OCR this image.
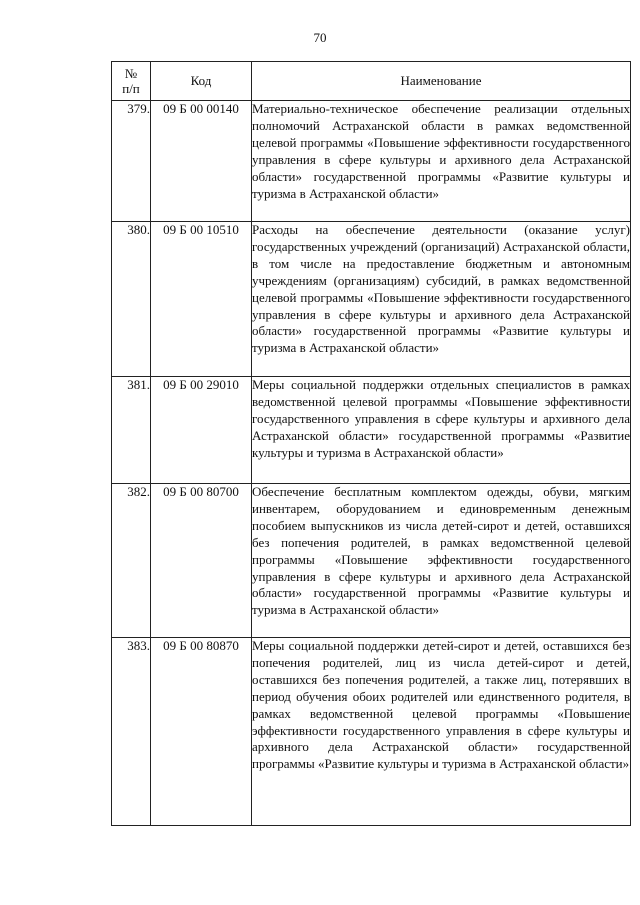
70
№
п/п	Код	Наименование
379.	09 Б 00 00140	Материально-техническое обеспечение реализации отдельных полномочий Астраханской области в рамках ведомственной целевой программы «Повышение эффективности государственного управления в сфере культуры и архивного дела Астраханской области» государственной программы «Развитие культуры и туризма в Астраханской области»
380.	09 Б 00 10510	Расходы на обеспечение деятельности (оказание услуг) государственных учреждений (организаций) Астраханской области, в том числе на предоставление бюджетным и автономным учреждениям (организациям) субсидий, в рамках ведомственной целевой программы «Повышение эффективности государственного управления в сфере культуры и архивного дела Астраханской области» государственной программы «Развитие культуры и туризма в Астраханской области»
381.	09 Б 00 29010	Меры социальной поддержки отдельных специалистов в рамках ведомственной целевой программы «Повышение эффективности государственного управления в сфере культуры и архивного дела Астраханской области» государственной программы «Развитие культуры и туризма в Астраханской области»
382.	09 Б 00 80700	Обеспечение бесплатным комплектом одежды, обуви, мягким инвентарем, оборудованием и единовременным денежным пособием выпускников из числа детей-сирот и детей, оставшихся без попечения родителей, в рамках ведомственной целевой программы «Повышение эффективности государственного управления в сфере культуры и архивного дела Астраханской области» государственной программы «Развитие культуры и туризма в Астраханской области»
383.	09 Б 00 80870	Меры социальной поддержки детей-сирот и детей, оставшихся без попечения родителей, лиц из числа детей-сирот и детей, оставшихся без попечения родителей, а также лиц, потерявших в период обучения обоих родителей или единственного родителя, в рамках ведомственной целевой программы «Повышение эффективности государственного управления в сфере культуры и архивного дела Астраханской области» государственной программы «Развитие культуры и туризма в Астраханской области»
